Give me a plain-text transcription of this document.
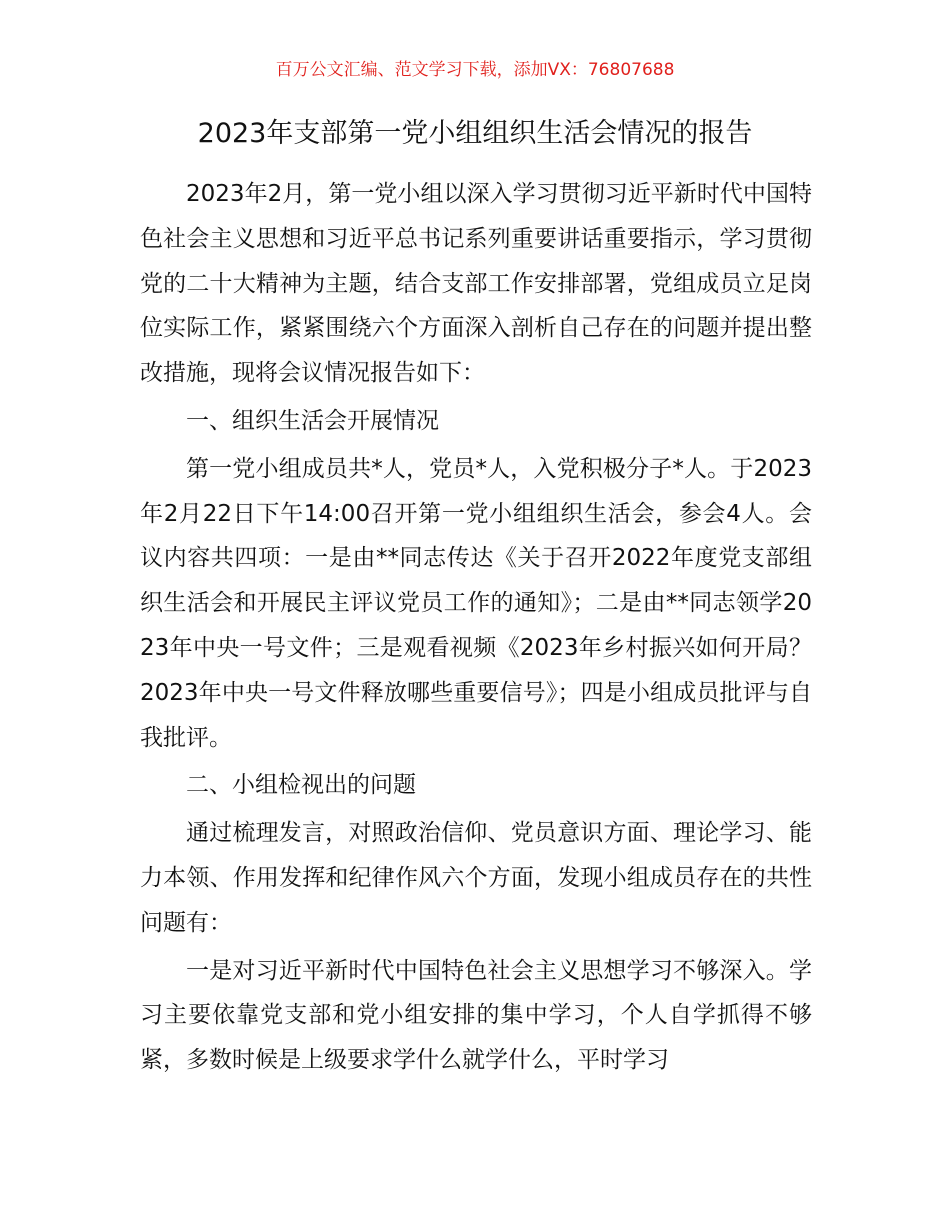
百万公文汇编、范文学习下载，添加VX：76807688
2023年支部第一党小组组织生活会情况的报告

2023年2月，第一党小组以深入学习贯彻习近平新时代中国特色社会主义思想和习近平总书记系列重要讲话重要指示，学习贯彻党的二十大精神为主题，结合支部工作安排部署，党组成员立足岗位实际工作，紧紧围绕六个方面深入剖析自己存在的问题并提出整改措施，现将会议情况报告如下：

一、组织生活会开展情况

第一党小组成员共*人，党员*人，入党积极分子*人。于2023年2月22日下午14:00召开第一党小组组织生活会，参会4人。会议内容共四项：一是由**同志传达《关于召开2022年度党支部组织生活会和开展民主评议党员工作的通知》；二是由**同志领学2023年中央一号文件；三是观看视频《2023年乡村振兴如何开局？2023年中央一号文件释放哪些重要信号》；四是小组成员批评与自我批评。

二、小组检视出的问题

通过梳理发言，对照政治信仰、党员意识方面、理论学习、能力本领、作用发挥和纪律作风六个方面，发现小组成员存在的共性问题有：

一是对习近平新时代中国特色社会主义思想学习不够深入。学习主要依靠党支部和党小组安排的集中学习，个人自学抓得不够紧，多数时候是上级要求学什么就学什么，平时学习
